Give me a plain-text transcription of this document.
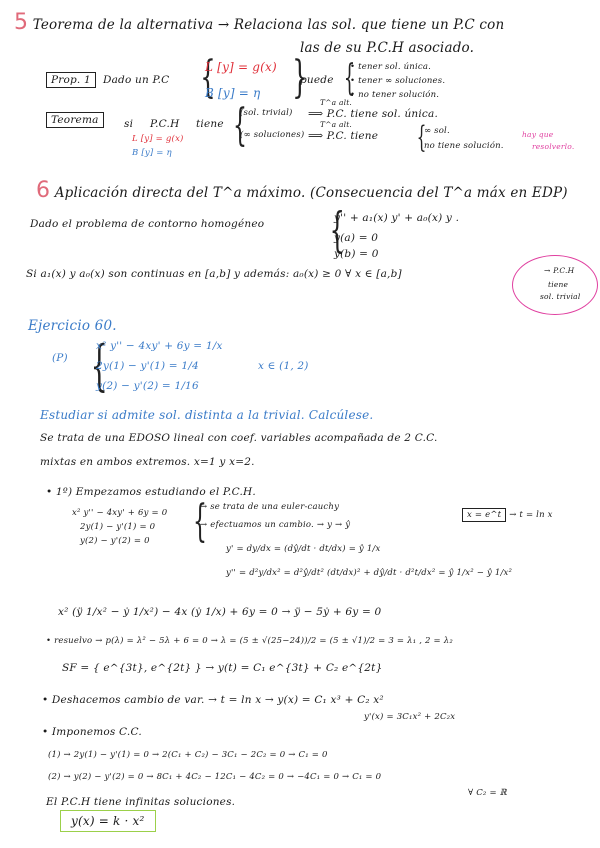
5 Teorema de la alternativa → Relaciona las sol. que tiene un P.C con
las de su P.C.H asociado.
Prop. 1 Dado un P.C {
L [y] = g(x)
B [y] = η }
puede {
• tener sol. única.
• tener ∞ soluciones.
• no tener solución.
Teorema	si P.C.H tiene
L [y] = g(x)
B [y] = η
{
(sol. trivial)
T^a alt.
⟹ P.C. tiene sol. única.
(∞ soluciones)
T^a alt.
⟹ P.C. tiene {
∞ sol.
no tiene solución.
hay que
resolverlo.
6 Aplicación directa del T^a máximo. (Consecuencia del T^a máx en EDP)
Dado el problema de contorno homogéneo {
y'' + a₁(x) y' + a₀(x) y .
y(a) = 0
y(b) = 0
Si a₁(x) y a₀(x) son continuas en [a,b] y además: a₀(x) ≥ 0 ∀ x ∈ [a,b]	→ P.C.H
tiene
sol. trivial
Ejercicio 60.
(P) {
x² y'' − 4xy' + 6y = 1/x
2y(1) − y'(1) = 1/4
y(2) − y'(2) = 1/16
x ∈ (1, 2)
Estudiar si admite sol. distinta a la trivial. Calcúlese.
Se trata de una EDOSO lineal con coef. variables acompañada de 2 C.C.
mixtas en ambos extremos. x=1 y x=2.
• 1º) Empezamos estudiando el P.C.H.
x² y'' − 4xy' + 6y = 0
2y(1) − y'(1) = 0
y(2) − y'(2) = 0 {
→ se trata de una euler-cauchy
→ efectuamos un cambio. → y → ŷ
x = e^t → t = ln x
y' = dy/dx = (dŷ/dt · dt/dx) = ŷ 1/x
y'' = d²y/dx² = d²ŷ/dt² (dt/dx)² + dŷ/dt · d²t/dx² = ŷ 1/x² − ŷ 1/x²
x² (ÿ 1/x² − ẏ 1/x²) − 4x (ẏ 1/x) + 6y = 0 → ÿ − 5ẏ + 6y = 0
• resuelvo → p(λ) = λ² − 5λ + 6 = 0 → λ = (5 ± √(25−24))/2 = (5 ± √1)/2 = 3 = λ₁ , 2 = λ₂
SF = { e^{3t}, e^{2t} } → y(t) = C₁ e^{3t} + C₂ e^{2t}
• Deshacemos cambio de var. → t = ln x → y(x) = C₁ x³ + C₂ x²
y'(x) = 3C₁x² + 2C₂x
• Imponemos C.C.
(1) → 2y(1) − y'(1) = 0 → 2(C₁ + C₂) − 3C₁ − 2C₂ = 0 → C₁ = 0
(2) → y(2) − y'(2) = 0 → 8C₁ + 4C₂ − 12C₁ − 4C₂ = 0 → −4C₁ = 0 → C₁ = 0
∀ C₂ = ℝ
El P.C.H tiene infinitas soluciones.
y(x) = k · x²
